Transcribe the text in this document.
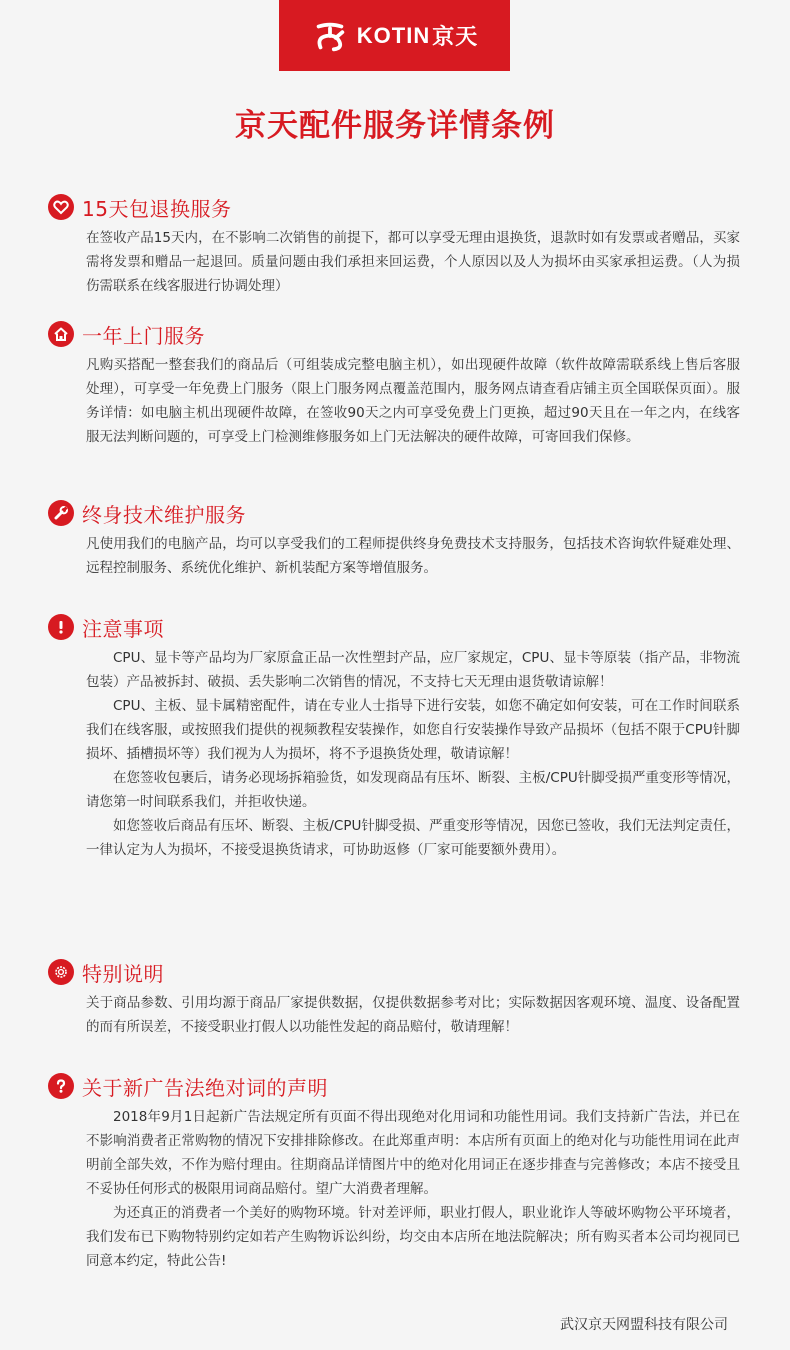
KOTIN 京天
京天配件服务详情条例
15天包退换服务

在签收产品15天内，在不影响二次销售的前提下，都可以享受无理由退换货，退款时如有发票或者赠品，买家需将发票和赠品一起退回。质量问题由我们承担来回运费，个人原因以及人为损坏由买家承担运费。（人为损伤需联系在线客服进行协调处理）

一年上门服务

凡购买搭配一整套我们的商品后（可组装成完整电脑主机），如出现硬件故障（软件故障需联系线上售后客服处理），可享受一年免费上门服务（限上门服务网点覆盖范围内，服务网点请查看店铺主页全国联保页面）。服务详情：如电脑主机出现硬件故障，在签收90天之内可享受免费上门更换，超过90天且在一年之内，在线客服无法判断问题的，可享受上门检测维修服务如上门无法解决的硬件故障，可寄回我们保修。

终身技术维护服务

凡使用我们的电脑产品，均可以享受我们的工程师提供终身免费技术支持服务，包括技术咨询软件疑难处理、远程控制服务、系统优化维护、新机装配方案等增值服务。

注意事项

CPU、显卡等产品均为厂家原盒正品一次性塑封产品，应厂家规定，CPU、显卡等原装（指产品，非物流包装）产品被拆封、破损、丢失影响二次销售的情况，不支持七天无理由退货敬请谅解！

CPU、主板、显卡属精密配件，请在专业人士指导下进行安装，如您不确定如何安装，可在工作时间联系我们在线客服，或按照我们提供的视频教程安装操作，如您自行安装操作导致产品损坏（包括不限于CPU针脚损坏、插槽损坏等）我们视为人为损坏，将不予退换货处理，敬请谅解！

在您签收包裹后，请务必现场拆箱验货，如发现商品有压坏、断裂、主板/CPU针脚受损严重变形等情况，请您第一时间联系我们，并拒收快递。

如您签收后商品有压坏、断裂、主板/CPU针脚受损、严重变形等情况，因您已签收，我们无法判定责任，一律认定为人为损坏，不接受退换货请求，可协助返修（厂家可能要额外费用）。

特别说明

关于商品参数、引用均源于商品厂家提供数据，仅提供数据参考对比；实际数据因客观环境、温度、设备配置的而有所误差，不接受职业打假人以功能性发起的商品赔付，敬请理解！

关于新广告法绝对词的声明

2018年9月1日起新广告法规定所有页面不得出现绝对化用词和功能性用词。我们支持新广告法，并已在不影响消费者正常购物的情况下安排排除修改。在此郑重声明：本店所有页面上的绝对化与功能性用词在此声明前全部失效，不作为赔付理由。往期商品详情图片中的绝对化用词正在逐步排查与完善修改；本店不接受且不妥协任何形式的极限用词商品赔付。望广大消费者理解。

为还真正的消费者一个美好的购物环境。针对差评师，职业打假人，职业讹诈人等破坏购物公平环境者，我们发布已下购物特别约定如若产生购物诉讼纠纷，均交由本店所在地法院解决；所有购买者本公司均视同已同意本约定，特此公告!

武汉京天网盟科技有限公司
